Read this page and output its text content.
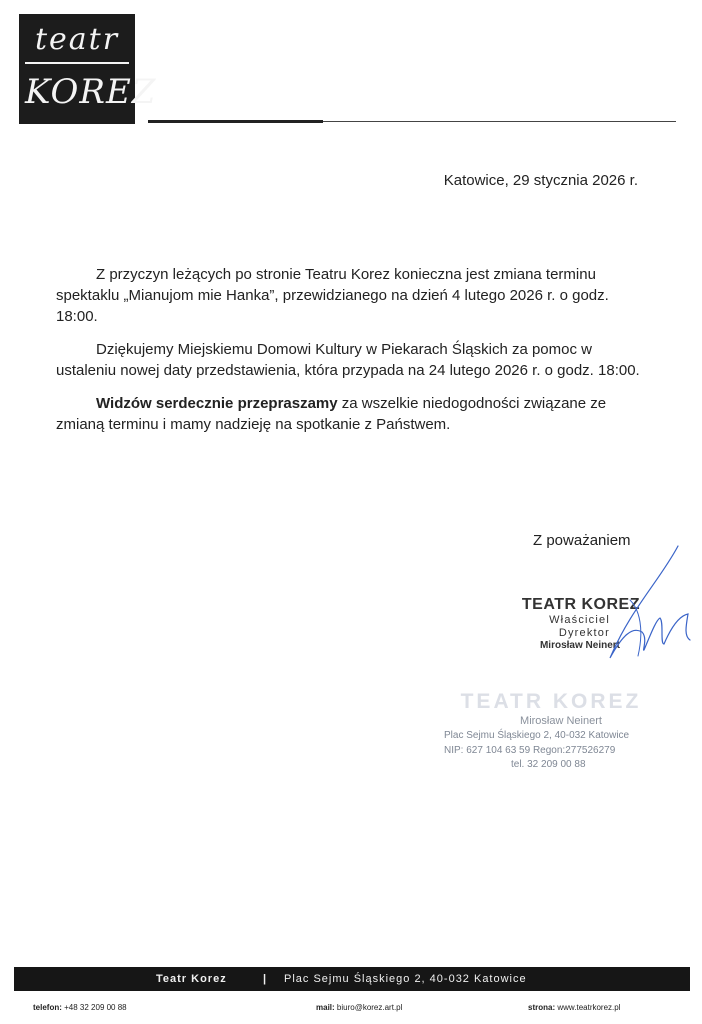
teatr
KOREZ
Katowice, 29 stycznia 2026 r.

Z przyczyn leżących po stronie Teatru Korez konieczna jest zmiana terminu spektaklu „Mianujom mie Hanka”, przewidzianego na dzień 4 lutego 2026 r. o godz. 18:00.

Dziękujemy Miejskiemu Domowi Kultury w Piekarach Śląskich za pomoc w ustaleniu nowej daty przedstawienia, która przypada na 24 lutego 2026 r. o godz. 18:00.

Widzów serdecznie przepraszamy za wszelkie niedogodności związane ze zmianą terminu i mamy nadzieję na spotkanie z Państwem.

Z poważaniem
TEATR KOREZ
Właściciel
Dyrektor
Mirosław Neinert
TEATR KOREZ
Mirosław Neinert
Plac Sejmu Śląskiego 2, 40-032 Katowice
NIP: 627 104 63 59 Regon:277526279
tel. 32 209 00 88
Teatr Korez	| Plac Sejmu Śląskiego 2, 40-032 Katowice
telefon: +48 32 209 00 88	mail: biuro@korez.art.pl	strona: www.teatrkorez.pl
